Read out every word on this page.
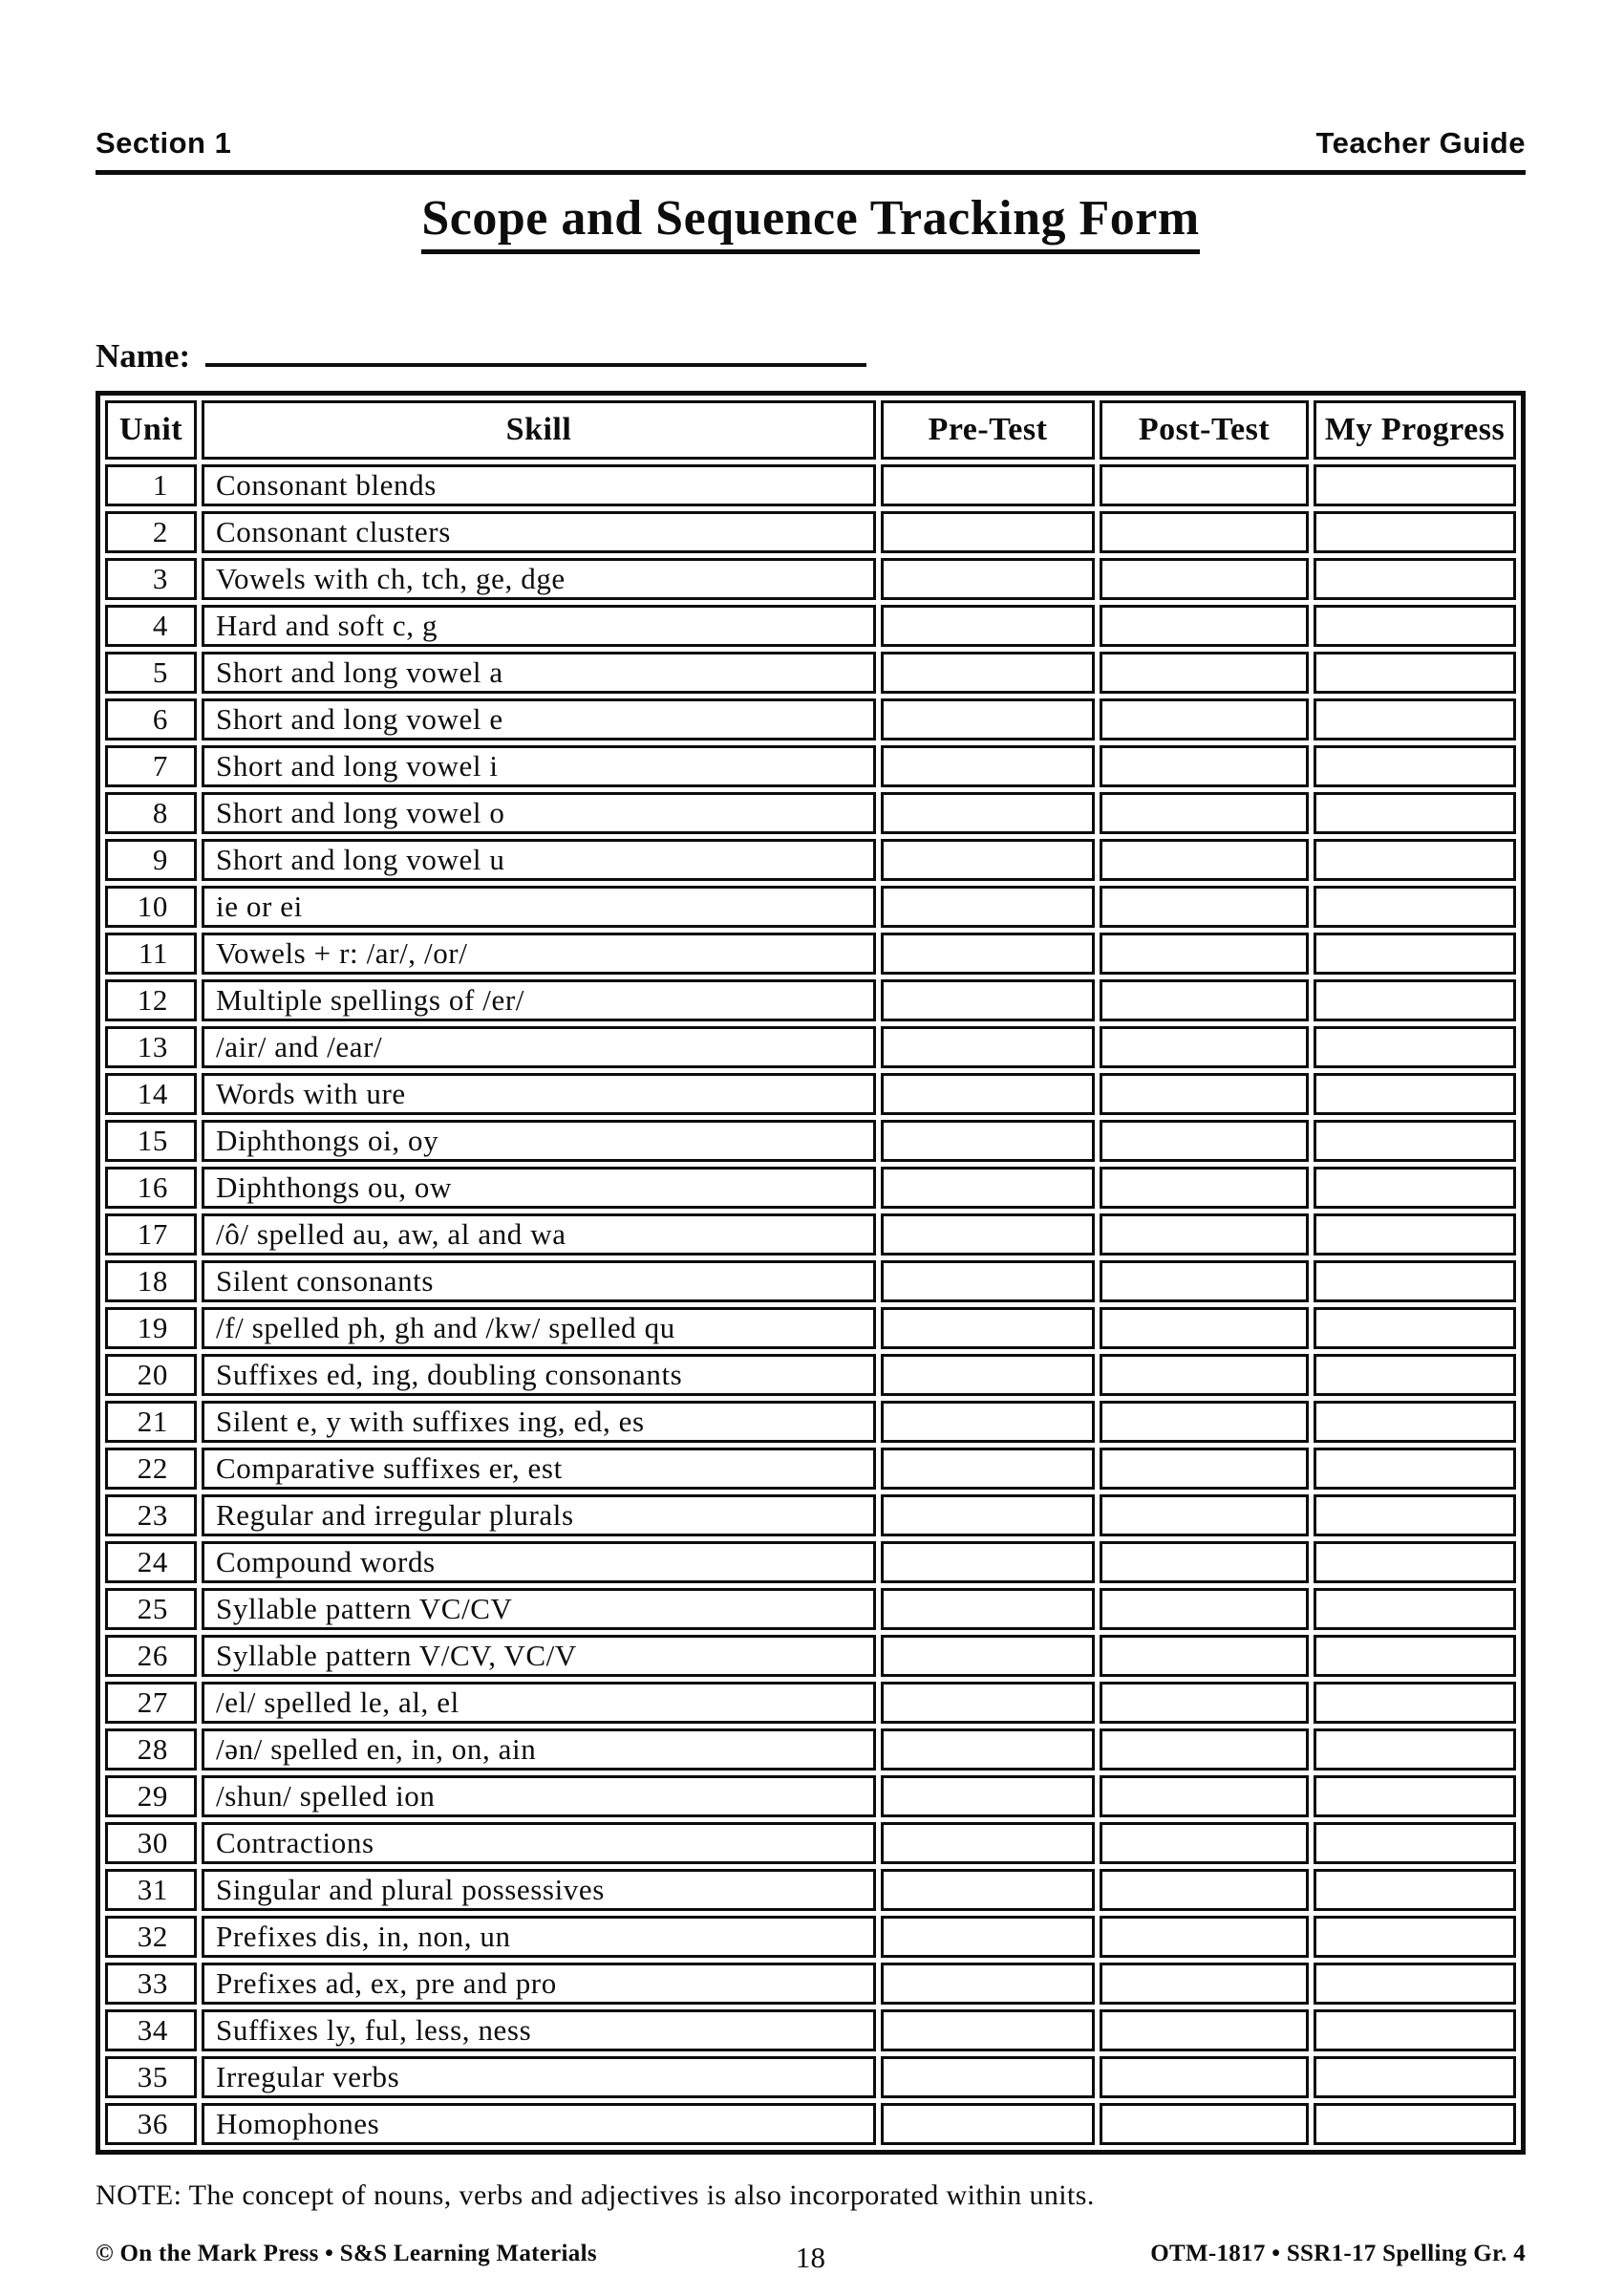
Section 1	Teacher Guide
Scope and Sequence Tracking Form
Name:
Unit	Skill	Pre-Test	Post-Test	My Progress
1	Consonant blends			
2	Consonant clusters			
3	Vowels with ch, tch, ge, dge			
4	Hard and soft c, g			
5	Short and long vowel a			
6	Short and long vowel e			
7	Short and long vowel i			
8	Short and long vowel o			
9	Short and long vowel u			
10	ie or ei			
11	Vowels + r: /ar/, /or/			
12	Multiple spellings of /er/			
13	/air/ and /ear/			
14	Words with ure			
15	Diphthongs oi, oy			
16	Diphthongs ou, ow			
17	/ô/ spelled au, aw, al and wa			
18	Silent consonants			
19	/f/ spelled ph, gh and /kw/ spelled qu			
20	Suffixes ed, ing, doubling consonants			
21	Silent e, y with suffixes ing, ed, es			
22	Comparative suffixes er, est			
23	Regular and irregular plurals			
24	Compound words			
25	Syllable pattern VC/CV			
26	Syllable pattern V/CV, VC/V			
27	/el/ spelled le, al, el			
28	/ən/ spelled en, in, on, ain			
29	/shun/ spelled ion			
30	Contractions			
31	Singular and plural possessives			
32	Prefixes dis, in, non, un			
33	Prefixes ad, ex, pre and pro			
34	Suffixes ly, ful, less, ness			
35	Irregular verbs			
36	Homophones			
NOTE: The concept of nouns, verbs and adjectives is also incorporated within units.
© On the Mark Press • S&S Learning Materials	18	OTM-1817 • SSR1-17 Spelling Gr. 4
